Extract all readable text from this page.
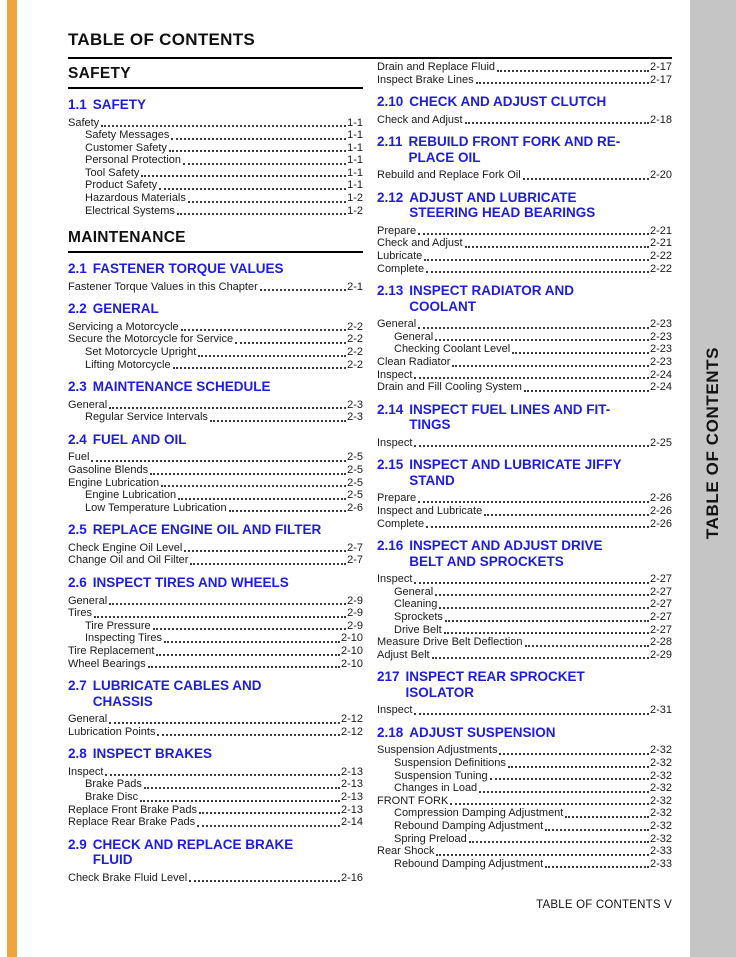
TABLE OF CONTENTS
SAFETY
1.1 SAFETY
Safety	1-1
Safety Messages	1-1
Customer Safety	1-1
Personal Protection	1-1
Tool Safety	1-1
Product Safety	1-1
Hazardous Materials	1-2
Electrical Systems	1-2
MAINTENANCE
2.1 FASTENER TORQUE VALUES
Fastener Torque Values in this Chapter	2-1
2.2 GENERAL
Servicing a Motorcycle	2-2
Secure the Motorcycle for Service	2-2
Set Motorcycle Upright	2-2
Lifting Motorcycle	2-2
2.3 MAINTENANCE SCHEDULE
General	2-3
Regular Service Intervals	2-3
2.4 FUEL AND OIL
Fuel	2-5
Gasoline Blends	2-5
Engine Lubrication	2-5
Engine Lubrication	2-5
Low Temperature Lubrication	2-6
2.5 REPLACE ENGINE OIL AND FILTER
Check Engine Oil Level	2-7
Change Oil and Oil Filter	2-7
2.6 INSPECT TIRES AND WHEELS
General	2-9
Tires	2-9
Tire Pressure	2-9
Inspecting Tires	2-10
Tire Replacement	2-10
Wheel Bearings	2-10
2.7 LUBRICATE CABLES AND
CHASSIS
General	2-12
Lubrication Points	2-12
2.8 INSPECT BRAKES
Inspect	2-13
Brake Pads	2-13
Brake Disc	2-13
Replace Front Brake Pads	2-13
Replace Rear Brake Pads	2-14
2.9 CHECK AND REPLACE BRAKE
FLUID
Check Brake Fluid Level	2-16
Drain and Replace Fluid	2-17
Inspect Brake Lines	2-17
2.10 CHECK AND ADJUST CLUTCH
Check and Adjust	2-18
2.11 REBUILD FRONT FORK AND RE-
PLACE OIL
Rebuild and Replace Fork Oil	2-20
2.12 ADJUST AND LUBRICATE
STEERING HEAD BEARINGS
Prepare	2-21
Check and Adjust	2-21
Lubricate	2-22
Complete	2-22
2.13 INSPECT RADIATOR AND
COOLANT
General	2-23
General	2-23
Checking Coolant Level	2-23
Clean Radiator	2-23
Inspect	2-24
Drain and Fill Cooling System	2-24
2.14 INSPECT FUEL LINES AND FIT-
TINGS
Inspect	2-25
2.15 INSPECT AND LUBRICATE JIFFY
STAND
Prepare	2-26
Inspect and Lubricate	2-26
Complete	2-26
2.16 INSPECT AND ADJUST DRIVE
BELT AND SPROCKETS
Inspect	2-27
General	2-27
Cleaning	2-27
Sprockets	2-27
Drive Belt	2-27
Measure Drive Belt Deflection	2-28
Adjust Belt	2-29
217 INSPECT REAR SPROCKET
ISOLATOR
Inspect	2-31
2.18 ADJUST SUSPENSION
Suspension Adjustments	2-32
Suspension Definitions	2-32
Suspension Tuning	2-32
Changes in Load	2-32
FRONT FORK	2-32
Compression Damping Adjustment	2-32
Rebound Damping Adjustment	2-32
Spring Preload	2-32
Rear Shock	2-33
Rebound Damping Adjustment	2-33
TABLE OF CONTENTS V
TABLE OF CONTENTS
